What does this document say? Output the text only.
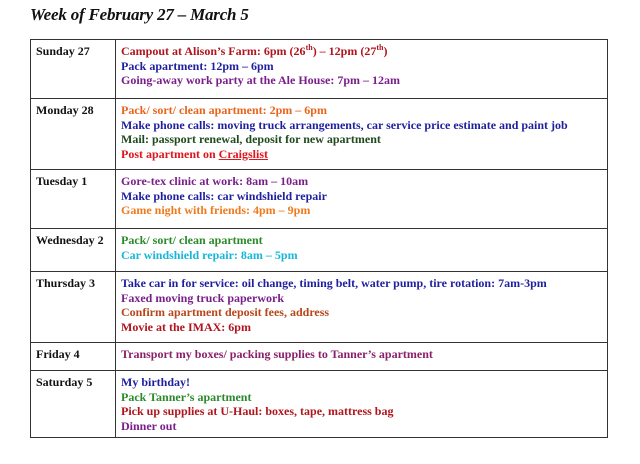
Week of February 27 – March 5
Sunday 27	Campout at Alison’s Farm: 6pm (26th) – 12pm (27th)
Pack apartment: 12pm – 6pm
Going-away work party at the Ale House: 7pm – 12am

Monday 28	Pack/ sort/ clean apartment: 2pm – 6pm
Make phone calls: moving truck arrangements, car service price estimate and paint job
Mail: passport renewal, deposit for new apartment
Post apartment on Craigslist

Tuesday 1	Gore-tex clinic at work: 8am – 10am
Make phone calls: car windshield repair
Game night with friends: 4pm – 9pm

Wednesday 2	Pack/ sort/ clean apartment
Car windshield repair: 8am – 5pm

Thursday 3	Take car in for service: oil change, timing belt, water pump, tire rotation: 7am-3pm
Faxed moving truck paperwork
Confirm apartment deposit fees, address
Movie at the IMAX: 6pm

Friday 4	Transport my boxes/ packing supplies to Tanner’s apartment

Saturday 5	My birthday!
Pack Tanner’s apartment
Pick up supplies at U-Haul: boxes, tape, mattress bag
Dinner out
